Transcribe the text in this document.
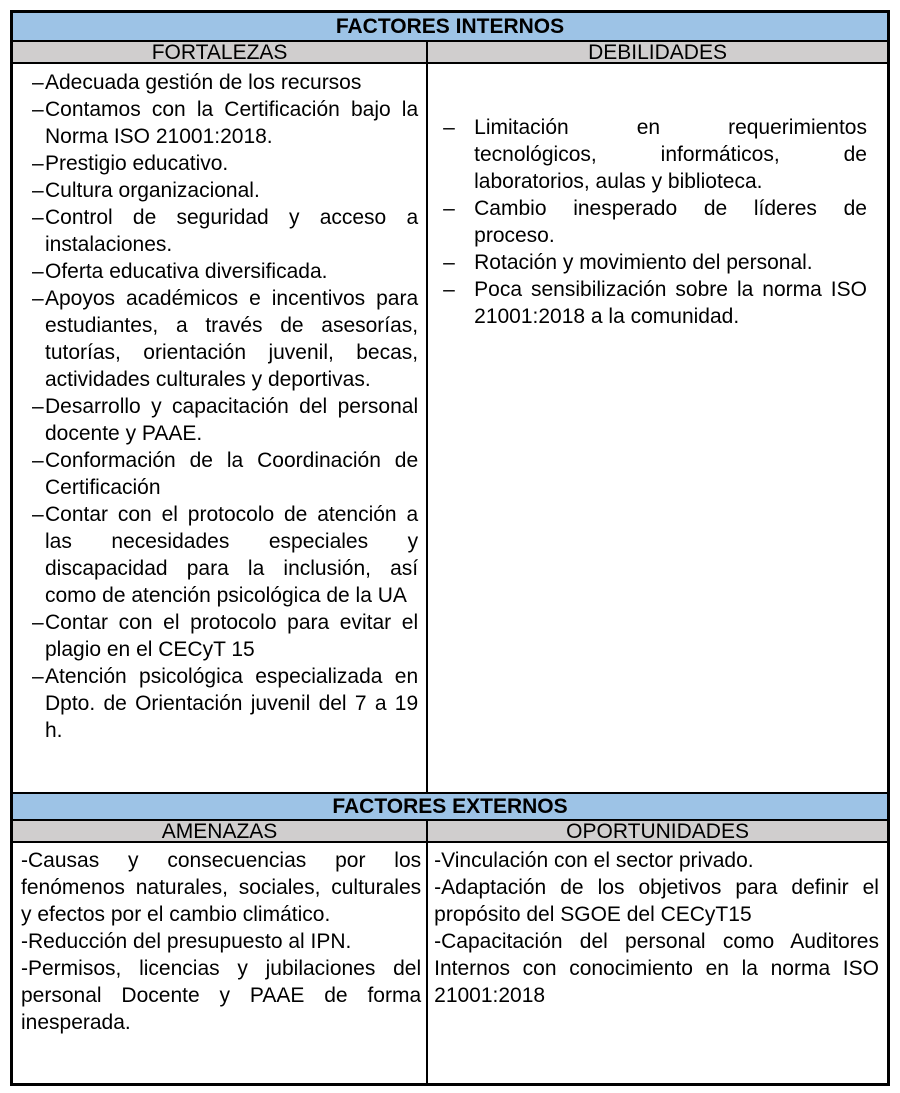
FACTORES INTERNOS
FORTALEZAS	DEBILIDADES
–Adecuada gestión de los recursos
–Contamos con la Certificación bajo la Norma ISO 21001:2018.
–Prestigio educativo.
–Cultura organizacional.
–Control de seguridad y acceso a instalaciones.
–Oferta educativa diversificada.
–Apoyos académicos e incentivos para estudiantes, a través de asesorías, tutorías, orientación juvenil, becas, actividades culturales y deportivas.
–Desarrollo y capacitación del personal docente y PAAE.
–Conformación de la Coordinación de Certificación
–Contar con el protocolo de atención a las necesidades especiales y discapacidad para la inclusión, así como de atención psicológica de la UA
–Contar con el protocolo para evitar el plagio en el CECyT 15
–Atención psicológica especializada en Dpto. de Orientación juvenil del 7 a 19 h.
– Limitación en requerimientos tecnológicos, informáticos, de laboratorios, aulas y biblioteca.
– Cambio inesperado de líderes de proceso.
– Rotación y movimiento del personal.
– Poca sensibilización sobre la norma ISO 21001:2018 a la comunidad.
FACTORES EXTERNOS
AMENAZAS	OPORTUNIDADES
-Causas y consecuencias por los fenómenos naturales, sociales, culturales y efectos por el cambio climático.
-Reducción del presupuesto al IPN.
-Permisos, licencias y jubilaciones del personal Docente y PAAE de forma inesperada.
-Vinculación con el sector privado.
-Adaptación de los objetivos para definir el propósito del SGOE del CECyT15
-Capacitación del personal como Auditores Internos con conocimiento en la norma ISO 21001:2018
